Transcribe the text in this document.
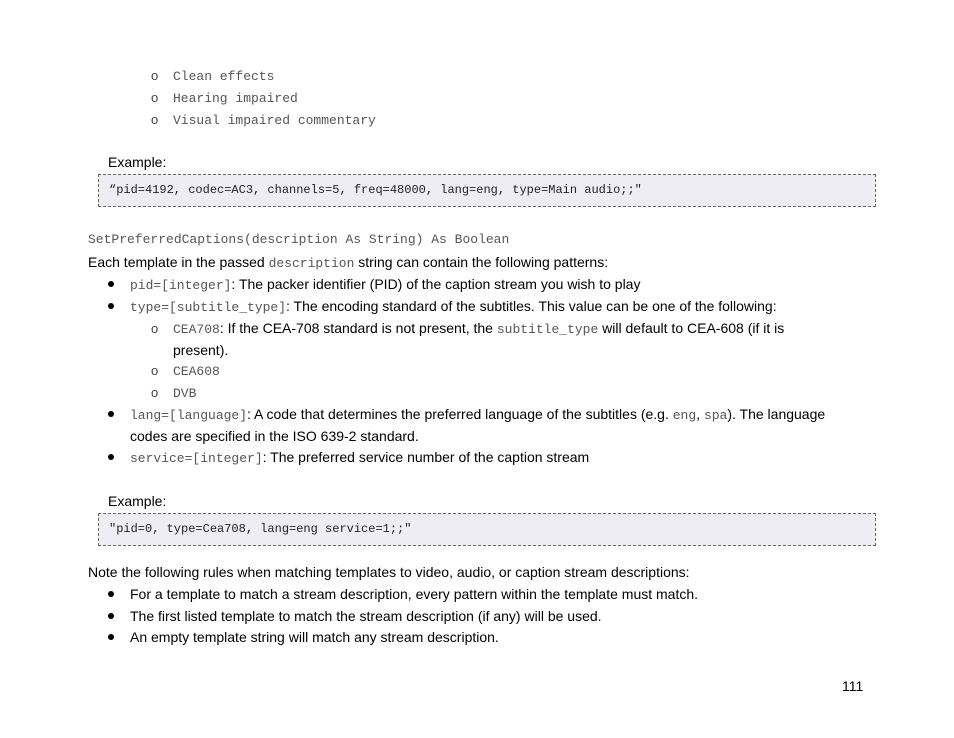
o Clean effects
o Hearing impaired
o Visual impaired commentary
Example:
“pid=4192, codec=AC3, channels=5, freq=48000, lang=eng, type=Main audio;;"
SetPreferredCaptions(description As String) As Boolean
Each template in the passed description string can contain the following patterns:
pid=[integer]: The packer identifier (PID) of the caption stream you wish to play
type=[subtitle_type]: The encoding standard of the subtitles. This value can be one of the following:
o CEA708: If the CEA-708 standard is not present, the subtitle_type will default to CEA-608 (if it is
present).
o CEA608
o DVB
lang=[language]: A code that determines the preferred language of the subtitles (e.g. eng, spa). The language
codes are specified in the ISO 639-2 standard.
service=[integer]: The preferred service number of the caption stream
Example:
"pid=0, type=Cea708, lang=eng service=1;;"
Note the following rules when matching templates to video, audio, or caption stream descriptions:
For a template to match a stream description, every pattern within the template must match.
The first listed template to match the stream description (if any) will be used.
An empty template string will match any stream description.
111
